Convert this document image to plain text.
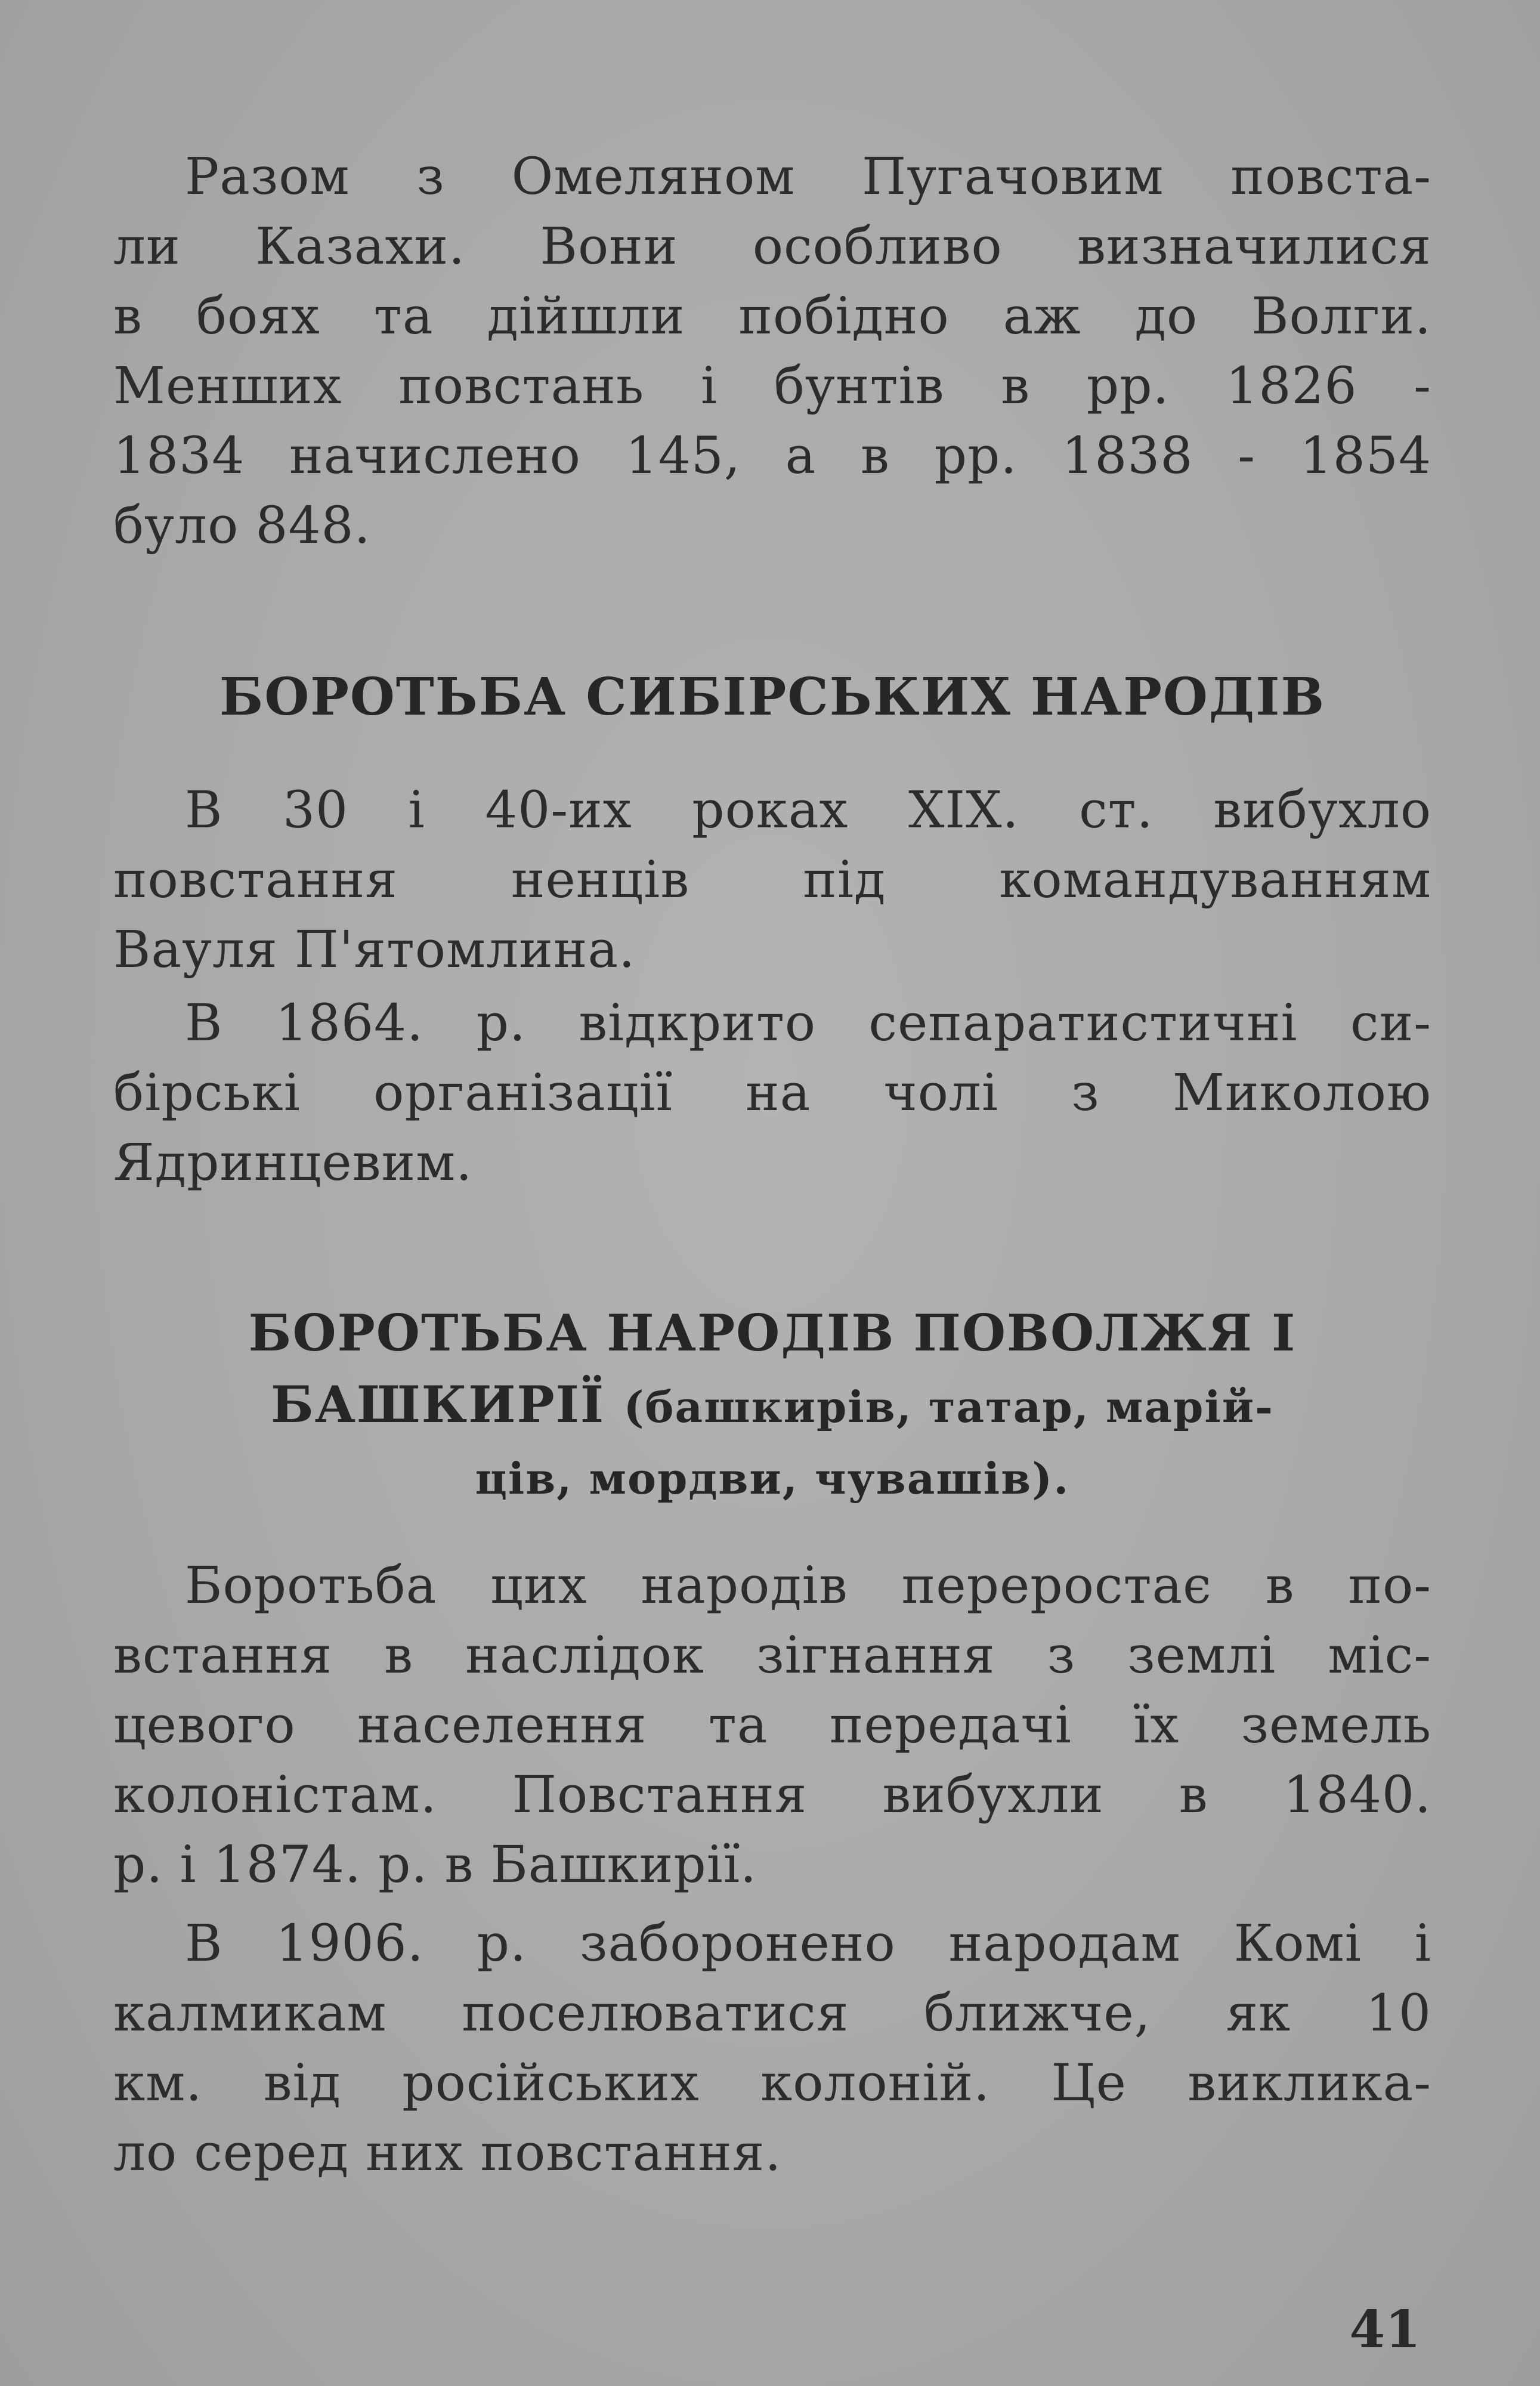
Разом з Омеляном Пугачовим повста-
ли Казахи. Вони особливо визначилися
в боях та дійшли побідно аж до Волги.
Менших повстань і бунтів в рр. 1826 -
1834 начислено 145, а в рр. 1838 - 1854
було 848.

БОРОТЬБА СИБІРСЬКИХ НАРОДІВ

В 30 і 40-их роках XIX. ст. вибухло
повстання ненців під командуванням
Вауля П'ятомлина.

В 1864. р. відкрито сепаратистичні си-
бірські організації на чолі з Миколою
Ядринцевим.

БОРОТЬБА НАРОДІВ ПОВОЛЖЯ І
БАШКИРІЇ (башкирів, татар, марій-
ців, мордви, чувашів).

Боротьба цих народів переростає в по-
встання в наслідок зігнання з землі міс-
цевого населення та передачі їх земель
колоністам. Повстання вибухли в 1840.
р. і 1874. р. в Башкирії.

В 1906. р. заборонено народам Комі і
калмикам поселюватися ближче, як 10
км. від російських колоній. Це виклика-
ло серед них повстання.

41
